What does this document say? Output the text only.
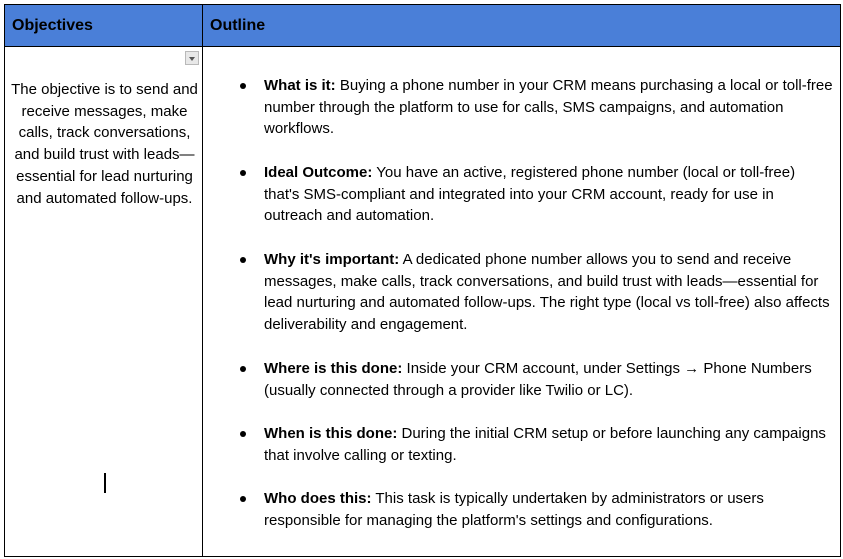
Objectives	Outline
The objective is to send and receive messages, make calls, track conversations, and build trust with leads—essential for lead nurturing and automated follow-ups.
What is it: Buying a phone number in your CRM means purchasing a local or toll-free number through the platform to use for calls, SMS campaigns, and automation workflows.
Ideal Outcome: You have an active, registered phone number (local or toll-free) that's SMS-compliant and integrated into your CRM account, ready for use in outreach and automation.
Why it's important: A dedicated phone number allows you to send and receive messages, make calls, track conversations, and build trust with leads—essential for lead nurturing and automated follow-ups. The right type (local vs toll-free) also affects deliverability and engagement.
Where is this done: Inside your CRM account, under Settings → Phone Numbers (usually connected through a provider like Twilio or LC).
When is this done: During the initial CRM setup or before launching any campaigns that involve calling or texting.
Who does this: This task is typically undertaken by administrators or users responsible for managing the platform's settings and configurations.
